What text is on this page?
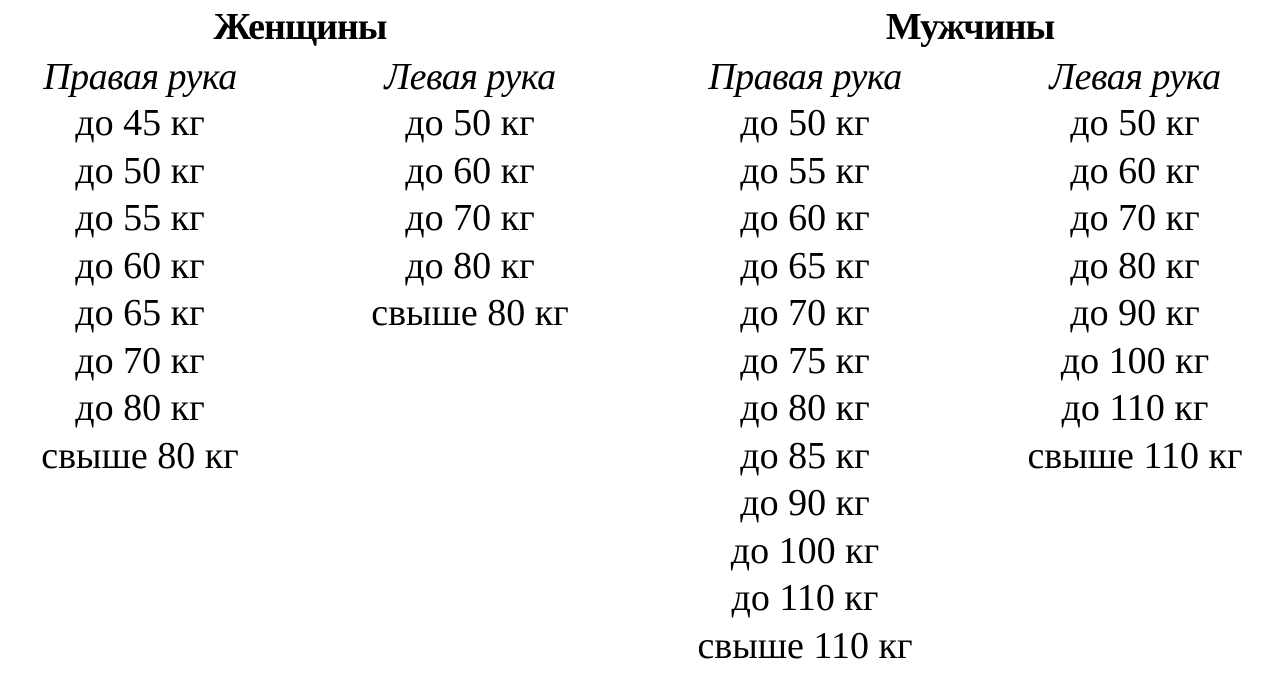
Женщины	Мужчины
Правая рука
до 45 кг
до 50 кг
до 55 кг
до 60 кг
до 65 кг
до 70 кг
до 80 кг
свыше 80 кг
Левая рука
до 50 кг
до 60 кг
до 70 кг
до 80 кг
свыше 80 кг
Правая рука
до 50 кг
до 55 кг
до 60 кг
до 65 кг
до 70 кг
до 75 кг
до 80 кг
до 85 кг
до 90 кг
до 100 кг
до 110 кг
свыше 110 кг
Левая рука
до 50 кг
до 60 кг
до 70 кг
до 80 кг
до 90 кг
до 100 кг
до 110 кг
свыше 110 кг
